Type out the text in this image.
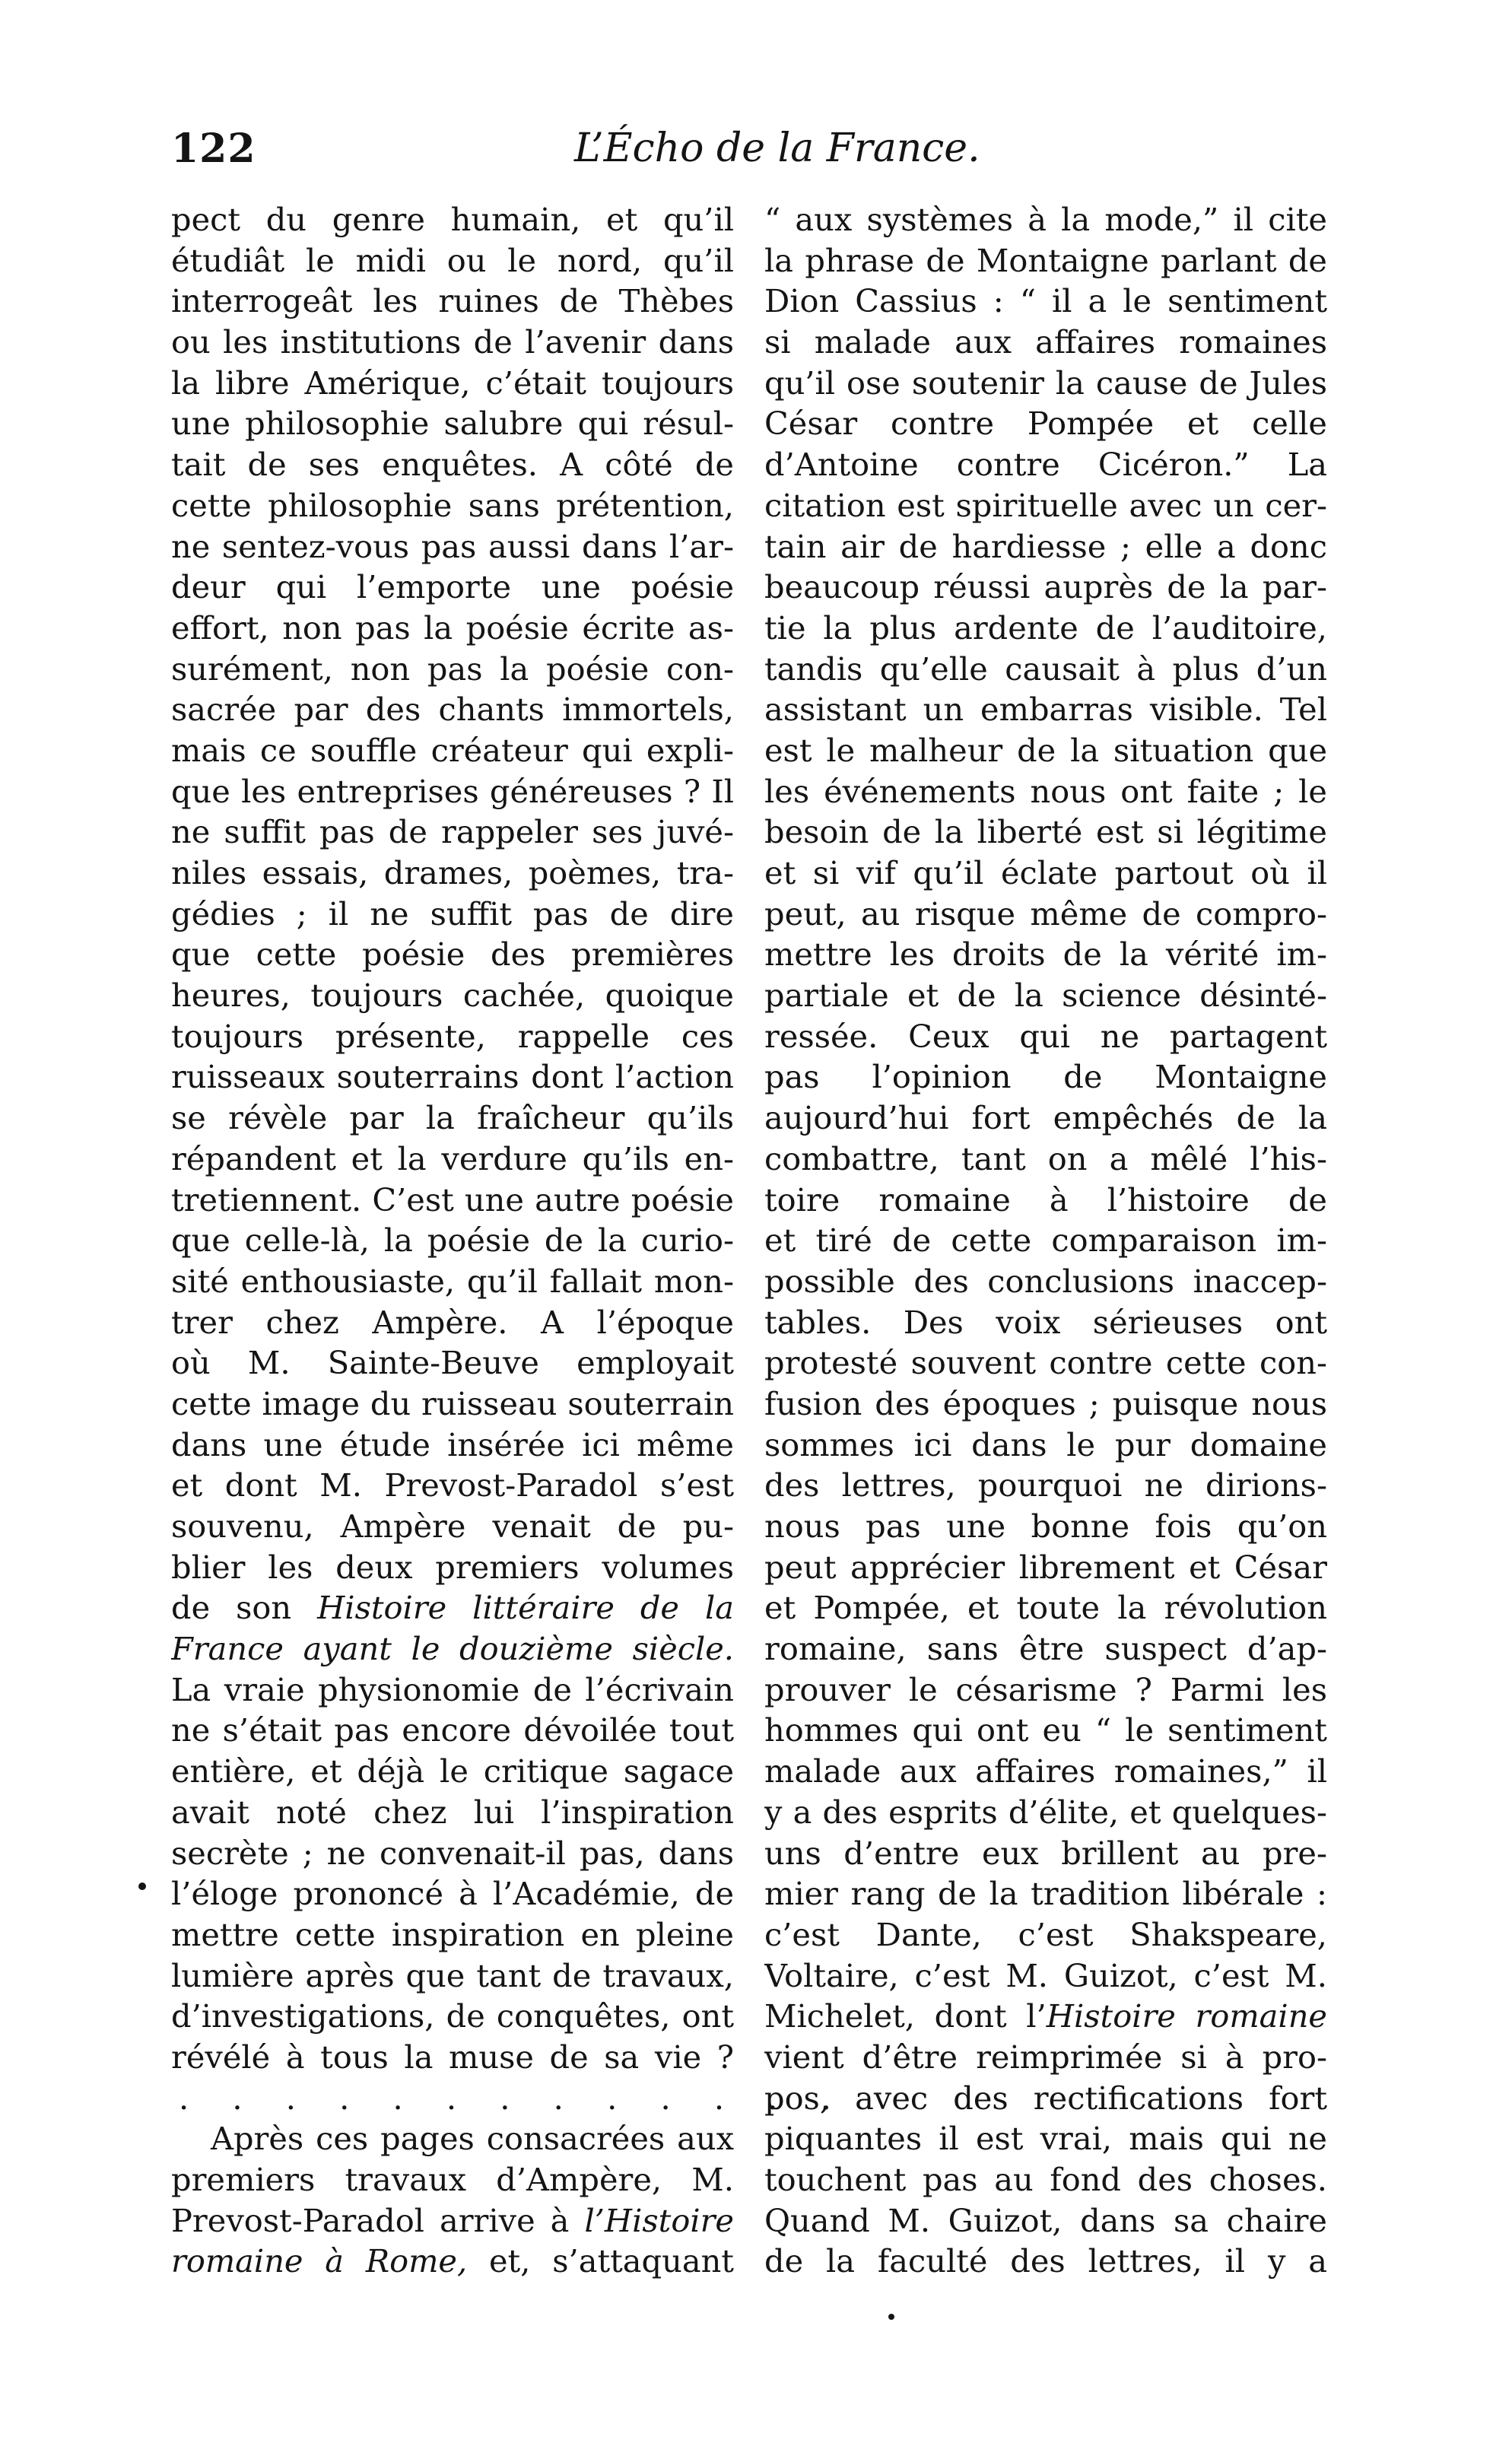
122	L’Écho de la France.
pect du genre humain, et qu’il
étudiât le midi ou le nord, qu’il
interrogeât les ruines de Thèbes
ou les institutions de l’avenir dans
la libre Amérique, c’était toujours
une philosophie salubre qui résul-
tait de ses enquêtes. A côté de
cette philosophie sans prétention,
ne sentez-vous pas aussi dans l’ar-
deur qui l’emporte une poésie
effort, non pas la poésie écrite as-
surément, non pas la poésie con-
sacrée par des chants immortels,
mais ce souffle créateur qui expli-
que les entreprises généreuses ? Il
ne suffit pas de rappeler ses juvé-
niles essais, drames, poèmes, tra-
gédies ; il ne suffit pas de dire
que cette poésie des premières
heures, toujours cachée, quoique
toujours présente, rappelle ces
ruisseaux souterrains dont l’action
se révèle par la fraîcheur qu’ils
répandent et la verdure qu’ils en-
tretiennent. C’est une autre poésie
que celle-là, la poésie de la curio-
sité enthousiaste, qu’il fallait mon-
trer chez Ampère. A l’époque
où M. Sainte-Beuve employait
cette image du ruisseau souterrain
dans une étude insérée ici même
et dont M. Prevost-Paradol s’est
souvenu, Ampère venait de pu-
blier les deux premiers volumes
de son Histoire littéraire de la
France ayant le douzième siècle.
La vraie physionomie de l’écrivain
ne s’était pas encore dévoilée tout
entière, et déjà le critique sagace
avait noté chez lui l’inspiration
secrète ; ne convenait-il pas, dans
l’éloge prononcé à l’Académie, de
mettre cette inspiration en pleine
lumière après que tant de travaux,
d’investigations, de conquêtes, ont
révélé à tous la muse de sa vie ?
. . . . . . . . . . . . .
Après ces pages consacrées aux
premiers travaux d’Ampère, M.
Prevost-Paradol arrive à l’Histoire
romaine à Rome, et, s’attaquant
“ aux systèmes à la mode,” il cite
la phrase de Montaigne parlant de
Dion Cassius : “ il a le sentiment
si malade aux affaires romaines
qu’il ose soutenir la cause de Jules
César contre Pompée et celle
d’Antoine contre Cicéron.” La
citation est spirituelle avec un cer-
tain air de hardiesse ; elle a donc
beaucoup réussi auprès de la par-
tie la plus ardente de l’auditoire,
tandis qu’elle causait à plus d’un
assistant un embarras visible. Tel
est le malheur de la situation que
les événements nous ont faite ; le
besoin de la liberté est si légitime
et si vif qu’il éclate partout où il
peut, au risque même de compro-
mettre les droits de la vérité im-
partiale et de la science désinté-
ressée. Ceux qui ne partagent
pas l’opinion de Montaigne
aujourd’hui fort empêchés de la
combattre, tant on a mêlé l’his-
toire romaine à l’histoire de
et tiré de cette comparaison im-
possible des conclusions inaccep-
tables. Des voix sérieuses ont
protesté souvent contre cette con-
fusion des époques ; puisque nous
sommes ici dans le pur domaine
des lettres, pourquoi ne dirions-
nous pas une bonne fois qu’on
peut apprécier librement et César
et Pompée, et toute la révolution
romaine, sans être suspect d’ap-
prouver le césarisme ? Parmi les
hommes qui ont eu “ le sentiment
malade aux affaires romaines,” il
y a des esprits d’élite, et quelques-
uns d’entre eux brillent au pre-
mier rang de la tradition libérale :
c’est Dante, c’est Shakspeare,
Voltaire, c’est M. Guizot, c’est M.
Michelet, dont l’Histoire romaine
vient d’être reimprimée si à pro-
pos, avec des rectifications fort
piquantes il est vrai, mais qui ne
touchent pas au fond des choses.
Quand M. Guizot, dans sa chaire
de la faculté des lettres, il y a
